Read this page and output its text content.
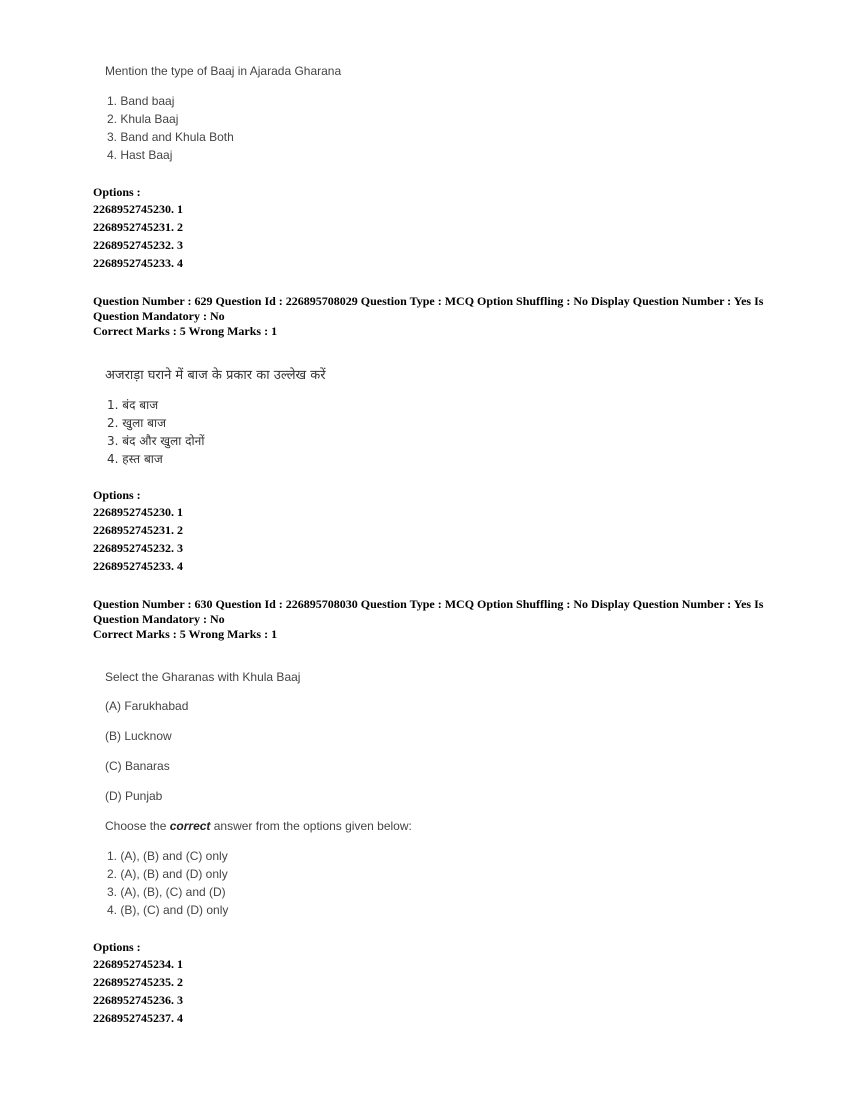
Mention the type of Baaj in Ajarada Gharana
1. Band baaj
2. Khula Baaj
3. Band and Khula Both
4. Hast Baaj
Options :
2268952745230. 1
2268952745231. 2
2268952745232. 3
2268952745233. 4
Question Number : 629 Question Id : 226895708029 Question Type : MCQ Option Shuffling : No Display Question Number : Yes Is
Question Mandatory : No
Correct Marks : 5 Wrong Marks : 1
अजराड़ा घराने में बाज के प्रकार का उल्लेख करें
1. बंद बाज
2. खुला बाज
3. बंद और खुला दोनों
4. हस्त बाज
Options :
2268952745230. 1
2268952745231. 2
2268952745232. 3
2268952745233. 4
Question Number : 630 Question Id : 226895708030 Question Type : MCQ Option Shuffling : No Display Question Number : Yes Is
Question Mandatory : No
Correct Marks : 5 Wrong Marks : 1
Select the Gharanas with Khula Baaj
(A) Farukhabad
(B) Lucknow
(C) Banaras
(D) Punjab
Choose the correct answer from the options given below:
1. (A), (B) and (C) only
2. (A), (B) and (D) only
3. (A), (B), (C) and (D)
4. (B), (C) and (D) only
Options :
2268952745234. 1
2268952745235. 2
2268952745236. 3
2268952745237. 4
